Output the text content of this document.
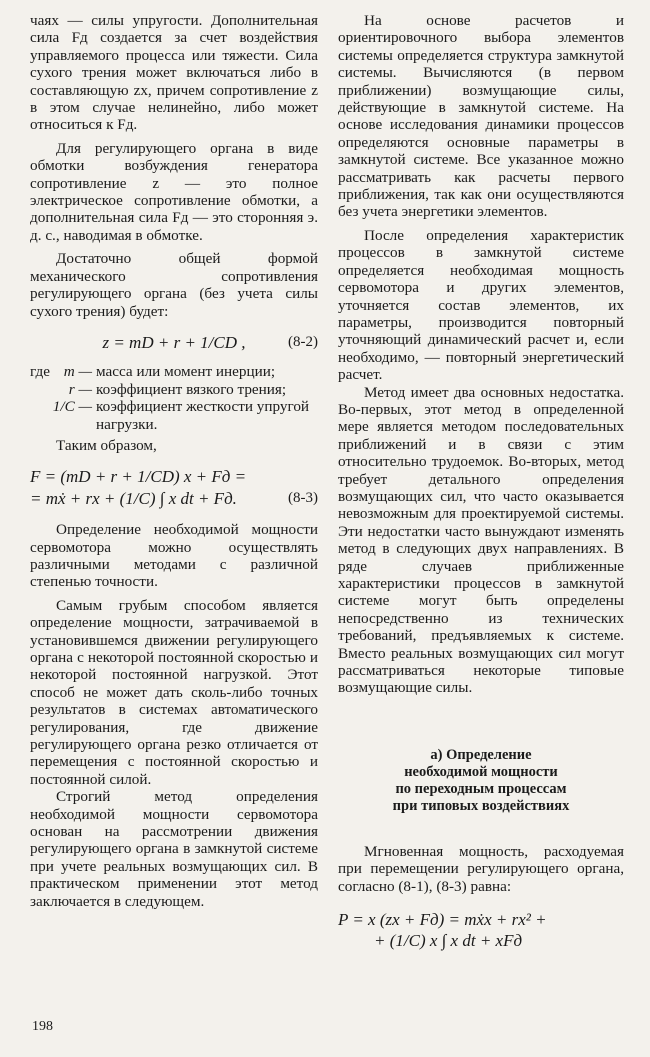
чаях — силы упругости. Дополнительная сила Fд создается за счет воздействия управляемого процесса или тяжести. Сила сухого трения может включаться либо в составляющую zx, причем сопротивление z в этом случае нелинейно, либо может относиться к Fд.

Для регулирующего органа в виде обмотки возбуждения генератора сопротивление z — это полное электрическое сопротивление обмотки, а дополнительная сила Fд — это сторонняя э. д. с., наводимая в обмотке.

Достаточно общей формой механического сопротивления регулирующего органа (без учета силы сухого трения) будет:

z = mD + r + 1/CD ,	(8-2)
где m — масса или момент инерции;
r — коэффициент вязкого трения;
1/C — коэффициент жесткости упругой нагрузки.

Таким образом,

F = (mD + r + 1/CD) x + Fд =
= mẋ + rx + (1/C) ∫ x dt + Fд.	(8-3)

Определение необходимой мощности сервомотора можно осуществлять различными методами с различной степенью точности.

Самым грубым способом является определение мощности, затрачиваемой в установившемся движении регулирующего органа с некоторой постоянной скоростью и некоторой постоянной нагрузкой. Этот способ не может дать сколь-либо точных результатов в системах автоматического регулирования, где движение регулирующего органа резко отличается от перемещения с постоянной скоростью и постоянной силой.

Строгий метод определения необходимой мощности сервомотора основан на рассмотрении движения регулирующего органа в замкнутой системе при учете реальных возмущающих сил. В практическом применении этот метод заключается в следующем.

На основе расчетов и ориентировочного выбора элементов системы определяется структура замкнутой системы. Вычисляются (в первом приближении) возмущающие силы, действующие в замкнутой системе. На основе исследования динамики процессов определяются основные параметры в замкнутой системе. Все указанное можно рассматривать как расчеты первого приближения, так как они осуществляются без учета энергетики элементов.

После определения характеристик процессов в замкнутой системе определяется необходимая мощность сервомотора и других элементов, уточняется состав элементов, их параметры, производится повторный уточняющий динамический расчет и, если необходимо, — повторный энергетический расчет.

Метод имеет два основных недостатка. Во-первых, этот метод в определенной мере является методом последовательных приближений и в связи с этим относительно трудоемок. Во-вторых, метод требует детального определения возмущающих сил, что часто оказывается невозможным для проектируемой системы. Эти недостатки часто вынуждают изменять метод в следующих двух направлениях. В ряде случаев приближенные характеристики процессов в замкнутой системе могут быть определены непосредственно из технических требований, предъявляемых к системе. Вместо реальных возмущающих сил могут рассматриваться некоторые типовые возмущающие силы.

а) Определение
необходимой мощности
по переходным процессам
при типовых воздействиях

Мгновенная мощность, расходуемая при перемещении регулирующего органа, согласно (8-1), (8-3) равна:

P = x (zx + Fд) = mẋx + rx² +
+ (1/C) x ∫ x dt + xFд
198
